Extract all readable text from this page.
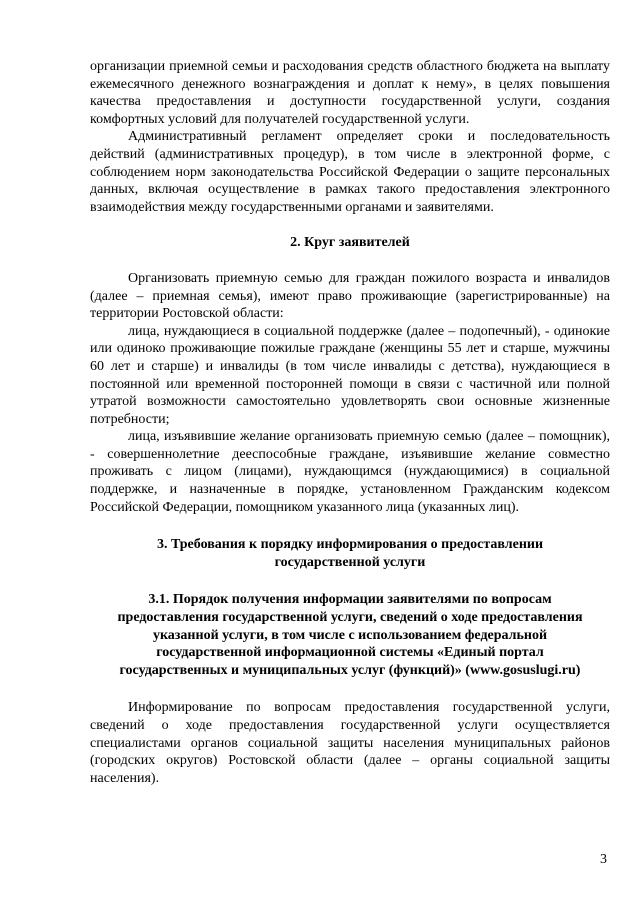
организации приемной семьи и расходования средств областного бюджета на выплату ежемесячного денежного вознаграждения и доплат к нему», в целях повышения качества предоставления и доступности государственной услуги, создания комфортных условий для получателей государственной услуги.

Административный регламент определяет сроки и последовательность действий (административных процедур), в том числе в электронной форме, с соблюдением норм законодательства Российской Федерации о защите персональных данных, включая осуществление в рамках такого предоставления электронного взаимодействия между государственными органами и заявителями.

2. Круг заявителей

Организовать приемную семью для граждан пожилого возраста и инвалидов (далее – приемная семья), имеют право проживающие (зарегистрированные) на территории Ростовской области:

лица, нуждающиеся в социальной поддержке (далее – подопечный), - одинокие или одиноко проживающие пожилые граждане (женщины 55 лет и старше, мужчины 60 лет и старше) и инвалиды (в том числе инвалиды с детства), нуждающиеся в постоянной или временной посторонней помощи в связи с частичной или полной утратой возможности самостоятельно удовлетворять свои основные жизненные потребности;

лица, изъявившие желание организовать приемную семью (далее – помощник), - совершеннолетние дееспособные граждане, изъявившие желание совместно проживать с лицом (лицами), нуждающимся (нуждающимися) в социальной поддержке, и назначенные в порядке, установленном Гражданским кодексом Российской Федерации, помощником указанного лица (указанных лиц).

3. Требования к порядку информирования о предоставлении
государственной услуги

3.1. Порядок получения информации заявителями по вопросам
предоставления государственной услуги, сведений о ходе предоставления
указанной услуги, в том числе с использованием федеральной
государственной информационной системы «Единый портал
государственных и муниципальных услуг (функций)» (www.gosuslugi.ru)

Информирование по вопросам предоставления государственной услуги, сведений о ходе предоставления государственной услуги осуществляется специалистами органов социальной защиты населения муниципальных районов (городских округов) Ростовской области (далее – органы социальной защиты населения).

3
